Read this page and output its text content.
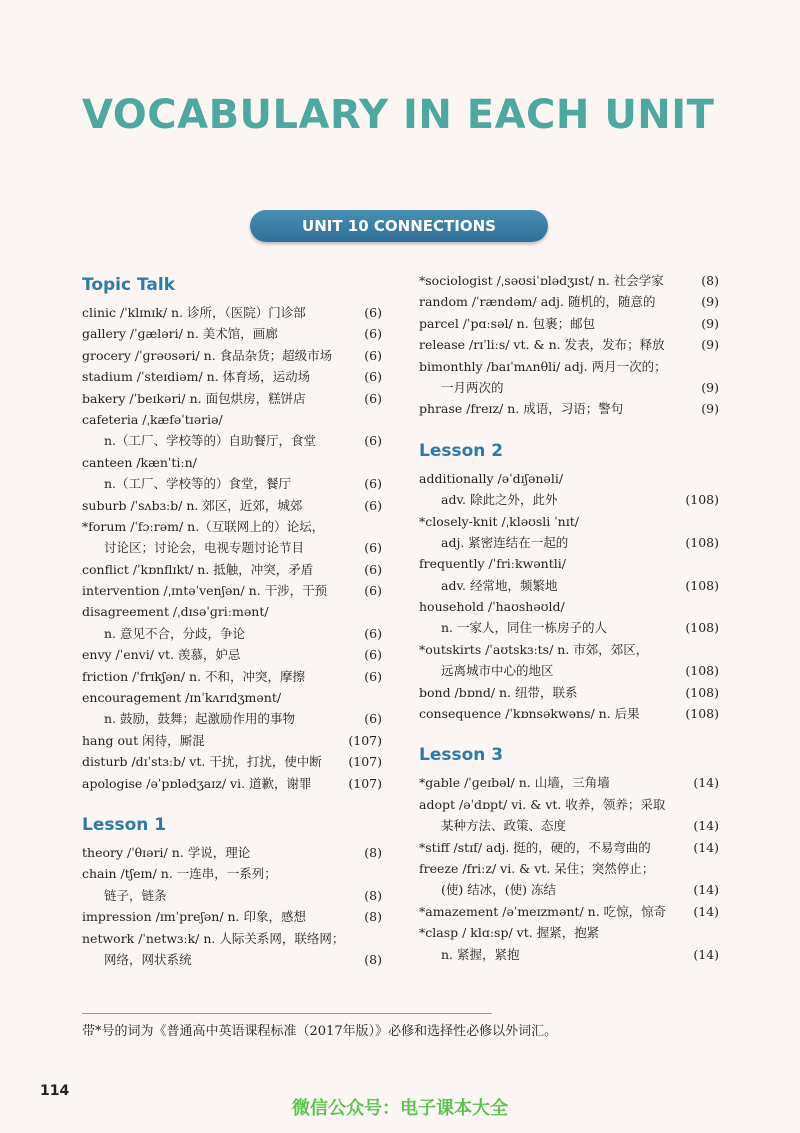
VOCABULARY IN EACH UNIT
UNIT 10 CONNECTIONS
Topic Talk
clinic /ˈklɪnɪk/ n. 诊所，（医院）门诊部	(6)
gallery /ˈɡæləri/ n. 美术馆，画廊	(6)
grocery /ˈɡrəʊsəri/ n. 食品杂货；超级市场	(6)
stadium /ˈsteɪdiəm/ n. 体育场，运动场	(6)
bakery /ˈbeɪkəri/ n. 面包烘房，糕饼店	(6)
cafeteria /ˌkæfəˈtɪəriə/
n.（工厂、学校等的）自助餐厅，食堂	(6)
canteen /kænˈtiːn/
n.（工厂、学校等的）食堂，餐厅	(6)
suburb /ˈsʌbɜːb/ n. 郊区，近郊，城郊	(6)
*forum /ˈfɔːrəm/ n.（互联网上的）论坛，
讨论区；讨论会，电视专题讨论节目	(6)
conflict /ˈkɒnflɪkt/ n. 抵触，冲突，矛盾	(6)
intervention /ˌɪntəˈvenʃən/ n. 干涉，干预	(6)
disagreement /ˌdɪsəˈɡriːmənt/
n. 意见不合，分歧，争论	(6)
envy /ˈenvi/ vt. 羡慕，妒忌	(6)
friction /ˈfrɪkʃən/ n. 不和，冲突，摩擦	(6)
encouragement /ɪnˈkʌrɪdʒmənt/
n. 鼓励，鼓舞；起激励作用的事物	(6)
hang out 闲待，厮混	(107)
disturb /dɪˈstɜːb/ vt. 干扰，打扰，使中断 (107)
apologise /əˈpɒlədʒaɪz/ vi. 道歉，谢罪	(107)
Lesson 1
theory /ˈθɪəri/ n. 学说，理论	(8)
chain /tʃeɪn/ n. 一连串，一系列；
链子，链条	(8)
impression /ɪmˈpreʃən/ n. 印象，感想	(8)
network /ˈnetwɜːk/ n. 人际关系网，联络网；
网络，网状系统	(8)
*sociologist /ˌsəʊsiˈɒlədʒɪst/ n. 社会学家	(8)
random /ˈrændəm/ adj. 随机的，随意的	(9)
parcel /ˈpɑːsəl/ n. 包裹；邮包	(9)
release /rɪˈliːs/ vt. & n. 发表，发布；释放	(9)
bimonthly /baɪˈmʌnθli/ adj. 两月一次的；
一月两次的	(9)
phrase /freɪz/ n. 成语，习语；警句	(9)
Lesson 2
additionally /əˈdɪʃənəli/
adv. 除此之外，此外	(108)
*closely-knit /ˌkləʊsli ˈnɪt/
adj. 紧密连结在一起的	(108)
frequently /ˈfriːkwəntli/
adv. 经常地，频繁地	(108)
household /ˈhaʊshəʊld/
n. 一家人，同住一栋房子的人	(108)
*outskirts /ˈaʊtskɜːts/ n. 市郊，郊区，
远离城市中心的地区	(108)
bond /bɒnd/ n. 纽带，联系	(108)
consequence /ˈkɒnsəkwəns/ n. 后果	(108)
Lesson 3
*gable /ˈɡeɪbəl/ n. 山墙，三角墙	(14)
adopt /əˈdɒpt/ vi. & vt. 收养，领养；采取
某种方法、政策、态度	(14)
*stiff /stɪf/ adj. 挺的，硬的，不易弯曲的	(14)
freeze /friːz/ vi. & vt. 呆住；突然停止；
(使) 结冰，(使) 冻结	(14)
*amazement /əˈmeɪzmənt/ n. 吃惊，惊奇 (14)
*clasp / klɑːsp/ vt. 握紧，抱紧
n. 紧握，紧抱	(14)
带*号的词为《普通高中英语课程标准（2017年版）》必修和选择性必修以外词汇。
114
微信公众号：电子课本大全
